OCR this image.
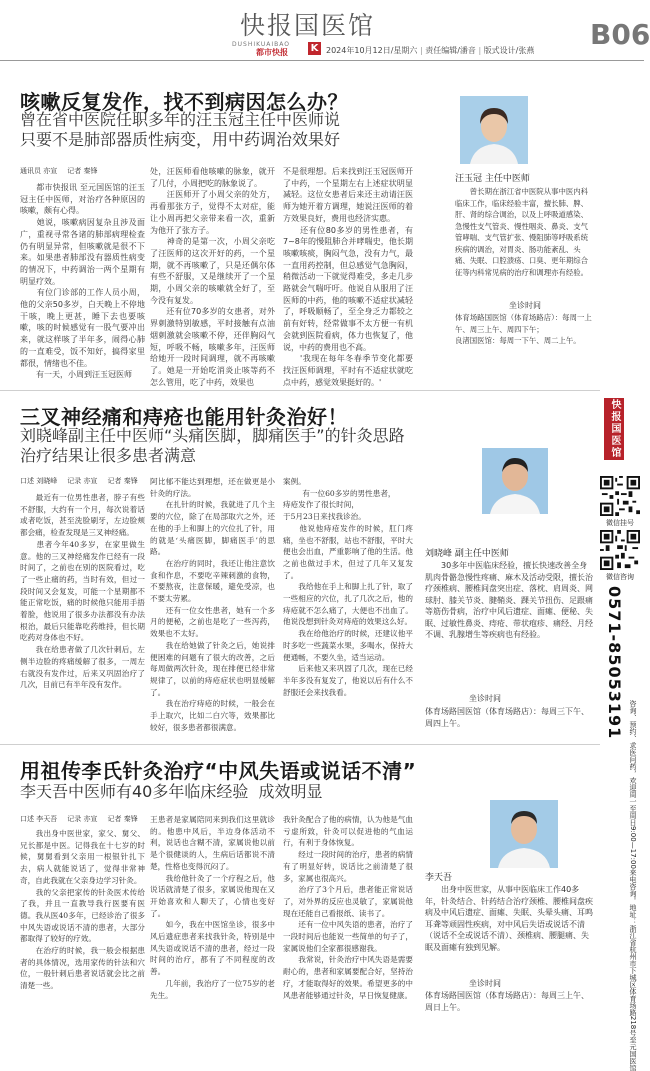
快报国医馆
DUSHIKUAIBAO
都市快报 K 2024年10月12日/星期六 | 责任编辑/潘音 | 版式设计/张燕 B06
咳嗽反复发作，找不到病因怎么办？
曾在省中医院任职多年的汪玉冠主任中医师说
只要不是肺部器质性病变，用中药调治效果好
通讯员 亦宣 记者 秦锋
　　都市快报讯 至元国医馆的汪玉冠主任中医师，对治疗各种原因的咳嗽，颇有心得。
　　她说，咳嗽病因复杂且涉及面广，重视寻常各诸的肺部病理检查仍有明显异常，但咳嗽就是很不下来。如果患者肺部没有器质性病变的情况下，中药调治一两个星期有明显疗效。
　　有位门诊部的工作人员小周，他的父亲50多岁，白天晚上不停地干咳，晚上更甚，睡下去也要咳嗽，咳的时候感觉有一股气要冲出来，就这样咳了半年多，闹得心肺的一直难受，饭不知好，搞得家里都很，情绪也不佳。
　　有一天，小周到汪玉冠医师
处，汪医师看他咳嗽的脉象，就开了几付，小周把吃的脉象说了。
　　汪医师开了小周父亲的处方，再看那张方子，觉得不太对症，能让小周再把父亲带来看一次，重新为他开了张方子。
　　神奇的是第一次，小周父亲吃了汪医师的这次开好的药，一个星期，就不再咳嗽了，只是还偶尔体有些不舒服，又是继续开了一个星期，小周父亲的咳嗽就全好了，至今没有复发。
　　还有位70多岁的女患者，对外界刺激特别敏感，平时接触有点油烟刺激就会咳嗽不停，还伴胸闷气短，呼吸不畅，咳嗽多年，汪医师给她开一段时间调理，就不再咳嗽了。她是一开始吃消炎止咳等药不怎么管用，吃了中药，效果也
不是很理想。后来找到汪玉冠医师开了中药，一个星期左右上述症状明显减轻。这位女患者后来还主动请汪医师为她开着方调理，她说汪医师的着方效果良好，费用也经济实惠。
　　还有位80多岁的男性患者，有7~8年的慢阻肺合并哮喘史，他长期咳嗽咳痰，胸闷气急，没有力气，最一直用药控制，但总感觉气急胸闷，稍微活动一下就觉得难受，多走几步路就会气喘吁吁。他说自从服用了汪医师的中药，他的咳嗽不适症状减轻了，呼吸顺畅了，至全身乏力都较之前有好转，经常做事不太方便一有机会就到医院看病，体力也恢复了，他说，中药的费用也不高。
　　'我现在每年冬春季节变化都要找汪医师调理，平时有不适症状就吃点中药，感觉效果挺好的。'
汪玉冠 主任中医师
　　曾长期在浙江省中医院从事中医内科临床工作，临床经验丰富，擅长肺、脾、肝、肾的综合调治，以及上呼吸道感染、急慢性支气管炎、慢性咽炎、鼻炎、支气管哮喘、支气管扩张、慢阻肺等呼吸系统疾病的调治，对胃炎、肠功能紊乱、头痛、失眠、口腔溃疡、口臭、更年期综合征等内科常见病的治疗和调理亦有经验。
坐诊时间
体育场路国医馆（体育场路店）：每周一上午、周三上午、周四下午；
良渚国医馆：每周一下午、周二上午。
三叉神经痛和痔疮也能用针灸治好！
刘晓峰副主任中医师“头痛医脚，脚痛医手”的针灸思路
治疗结果让很多患者满意
口述 刘晓峰 记录 亦宣 记者 秦锋
　　最近有一位男性患者，脖子有些不舒服，大约有一个月，每次说着话或者吃饭，甚至洗脸刷牙，左边脸颊都会痛，检查发现是三叉神经痛。
　　患者今年40多岁，在家里做生意。他的三叉神经痛发作已经有一段时间了，之前也在别的医院看过，吃了一些止痛的药，当时有效，但过一段时间又会复发，可能一个星期都不能正常吃饭，痛的时候他只能用手捂着脸，他说用了很多办法都没有办法根治，最后只能靠吃药维持，但长期吃药对身体也不好。
　　我在给患者做了几次针刺后，左侧半边脸的疼痛缓解了很多，一周左右就没有发作过，后来又巩固治疗了几次，目前已有半年没有发作。
阿比郁不能达到理想，还在做更是小针灸的疗法。
　　在扎针的时候，我就进了几个主要的穴位，除了在局部取穴之外，还在他的手上和脚上的穴位扎了针，用的就是‘头痛医脚，脚痛医手’的思路。
　　在治疗的同时，我还让他注意饮食和作息，不要吃辛辣刺激的食物，不要熬夜，注意保暖，避免受凉，也不要太劳累。
　　还有一位女性患者，她有一个多月的便秘，之前也是吃了一些泻药，效果也不太好。
　　我在给她做了针灸之后，她说排便困难的问题有了很大的改善，之后每周做两次针灸，现在排便已经非常规律了，以前的痔疮症状也明显缓解了。
　　我在治疗痔疮的时候，一般会在手上取穴，比如二白穴等，效果都比较好，很多患者都很满意。
案例。
　　	有一位60多岁的男性患者，
痔疮发作了很长时间，
于5月23日来找我诊治。
　　他说他痔疮发作的时候，肛门疼痛，坐也不舒服，站也不舒服，平时大便也会出血，严重影响了他的生活。他之前也做过手术，但过了几年又复发了。
　　我给他在手上和脚上扎了针，取了一些相应的穴位，扎了几次之后，他的痔疮就不怎么痛了，大便也不出血了。他说没想到针灸对痔疮的效果这么好。
　　我在给他治疗的时候，还建议他平时多吃一些蔬菜水果，多喝水，保持大便通畅，不要久坐，适当运动。
　　后来他又来巩固了几次，现在已经半年多没有复发了，他说以后有什么不舒服还会来找我看。
刘晓峰 副主任中医师
　　30多年中医临床经验，擅长快速改善全身肌肉骨骼急慢性疼痛、麻木及活动受限，擅长治疗颈椎病、腰椎间盘突出症、落枕、肩周炎、网球肘、膝关节炎、腱鞘炎、踝关节扭伤、足跟痛等筋伤骨病，治疗中风后遗症、面瘫、便秘、失眠、过敏性鼻炎、痔疮、带状疱疹、痛经、月经不调、乳腺增生等疾病也有经验。
坐诊时间
体育场路国医馆（体育场路店）：每周三下午、周四上午。
用祖传李氏针灸治疗“中风失语或说话不清”
李天吾中医师有40多年临床经验  成效明显
口述 李天吾 记录 亦宣 记者 秦锋
　　我出身中医世家，家父、舅父、兄长都是中医。记得我在十七岁的时候，舅舅看到父亲用一根银针扎下去，病人就能说话了，觉得非常神奇，自此我就在父亲身边学习针灸。
　　我的父亲把家传的针灸医术传给了我，并且一直教导我行医要有医德。我从医40多年，已经诊治了很多中风失语或说话不清的患者，大部分都取得了较好的疗效。
　　在治疗的时候，我一般会根据患者的具体情况，选用家传的针法和穴位，一般针刺后患者说话就会比之前清楚一些。
王患者是家属陪同来到我们这里就诊的。他患中风后，半边身体活动不利，说话也含糊不清，家属说他以前是个很健谈的人，生病后话都说不清楚，性格也变得沉闷了。
　　我给他针灸了一个疗程之后，他说话就清楚了很多，家属说他现在又开始喜欢和人聊天了，心情也变好了。
　　如今，我在中医馆坐诊，很多中风后遗症患者来找我针灸，特别是中风失语或说话不清的患者，经过一段时间的治疗，都有了不同程度的改善。
　　几年前，我治疗了一位75岁的老先生。
我针灸配合了他的病情，认为他是气血亏虚所致，针灸可以促进他的气血运行，有利于身体恢复。
　　经过一段时间的治疗，患者的病情有了明显好转，说话比之前清楚了很多，家属也很高兴。
　　治疗了3个月后，患者能正常说话了，对外界的反应也灵敏了，家属说他现在还能自己看报纸、读书了。
　　还有一位中风失语的患者，治疗了一段时间后也能说一些简单的句子了，家属说他们全家都很感谢我。
　　我常说，针灸治疗中风失语是需要耐心的，患者和家属要配合好，坚持治疗，才能取得好的效果。希望更多的中风患者能够通过针灸，早日恢复健康。
李天吾
　　出身中医世家，从事中医临床工作40多年，针灸结合、针药结合治疗颈椎、腰椎间盘疾病及中风后遗症、面瘫、失眠、头晕头痛、耳鸣耳聋等顽固性疾病，对中风后失语或说话不清（说话不全或说话不清）、颈椎病、腰腿痛、失眠及面瘫有独到见解。
坐诊时间
体育场路国医馆（体育场路店）：每周三上午、周日上午。
快报国医馆
微信挂号
微信咨询
0571-85053191
咨询、预约、求医问药，欢迎周一至周日9:00—17:00来电咨询。地址：浙江省杭州市下城区体育场路218号至元国医馆
